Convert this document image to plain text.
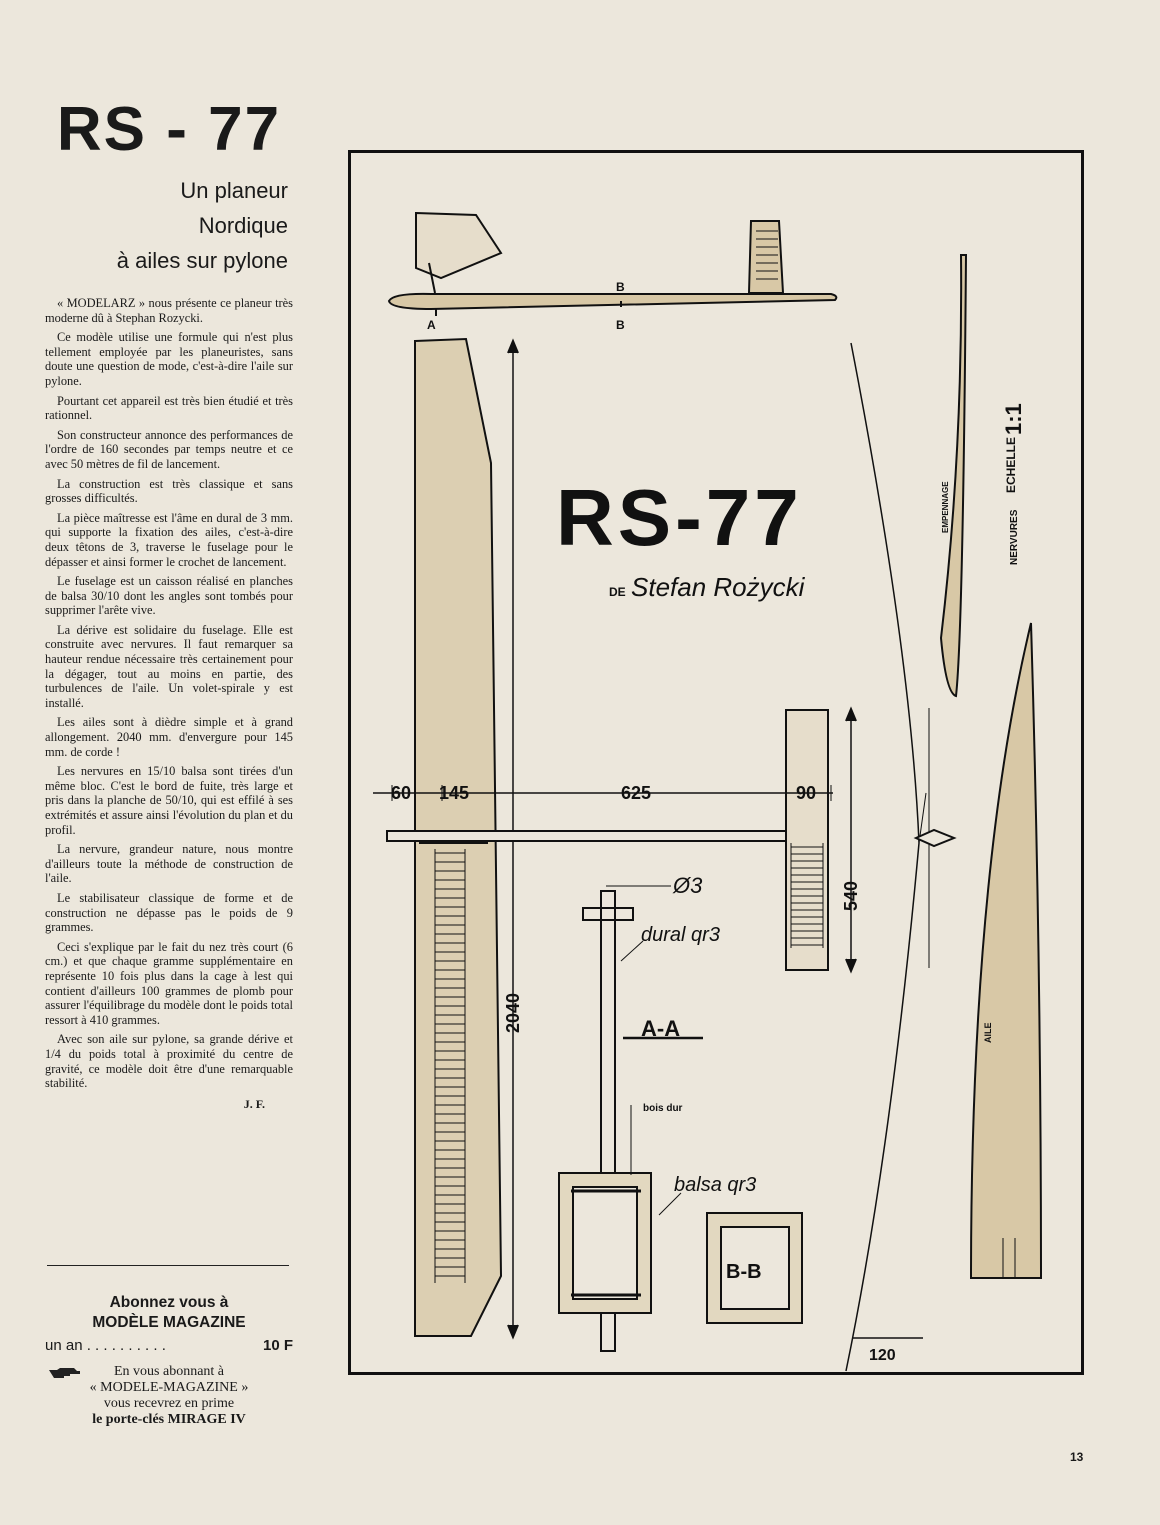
RS - 77
Un planeur
Nordique
à ailes sur pylone

« MODELARZ » nous présente ce planeur très moderne dû à Stephan Rozycki.

Ce modèle utilise une formule qui n'est plus tellement employée par les planeuristes, sans doute une question de mode, c'est-à-dire l'aile sur pylone.

Pourtant cet appareil est très bien étudié et très rationnel.

Son constructeur annonce des performances de l'ordre de 160 secondes par temps neutre et ce avec 50 mètres de fil de lancement.

La construction est très classique et sans grosses difficultés.

La pièce maîtresse est l'âme en dural de 3 mm. qui supporte la fixation des ailes, c'est-à-dire deux têtons de 3, traverse le fuselage pour le dépasser et ainsi former le crochet de lancement.

Le fuselage est un caisson réalisé en planches de balsa 30/10 dont les angles sont tombés pour supprimer l'arête vive.

La dérive est solidaire du fuselage. Elle est construite avec nervures. Il faut remarquer sa hauteur rendue nécessaire très certainement pour la dégager, tout au moins en partie, des turbulences de l'aile. Un volet-spirale y est installé.

Les ailes sont à dièdre simple et à grand allongement. 2040 mm. d'envergure pour 145 mm. de corde !

Les nervures en 15/10 balsa sont tirées d'un même bloc. C'est le bord de fuite, très large et pris dans la planche de 50/10, qui est effilé à ses extrémités et assure ainsi l'évolution du plan et du profil.

La nervure, grandeur nature, nous montre d'ailleurs toute la méthode de construction de l'aile.

Le stabilisateur classique de forme et de construction ne dépasse pas le poids de 9 grammes.

Ceci s'explique par le fait du nez très court (6 cm.) et que chaque gramme supplémentaire en représente 10 fois plus dans la cage à lest qui contient d'ailleurs 100 grammes de plomb pour assurer l'équilibrage du modèle dont le poids total ressort à 410 grammes.

Avec son aile sur pylone, sa grande dérive et 1/4 du poids total à proximité du centre de gravité, ce modèle doit être d'une remarquable stabilité.

J. F.
Abonnez vous à
MODÈLE MAGAZINE
un an . . . . . . . . . .	10 F
En vous abonnant à
« MODELE-MAGAZINE »
vous recevrez en prime
le porte-clés MIRAGE IV
RS-77
DE Stefan Rożycki
B
B
A
60 145	625	90
2040
540
120
Ø3
dural qr3
A-A
bois dur
balsa qr3
B-B
NERVURES
ECHELLE
1:1
EMPENNAGE
AILE
13
